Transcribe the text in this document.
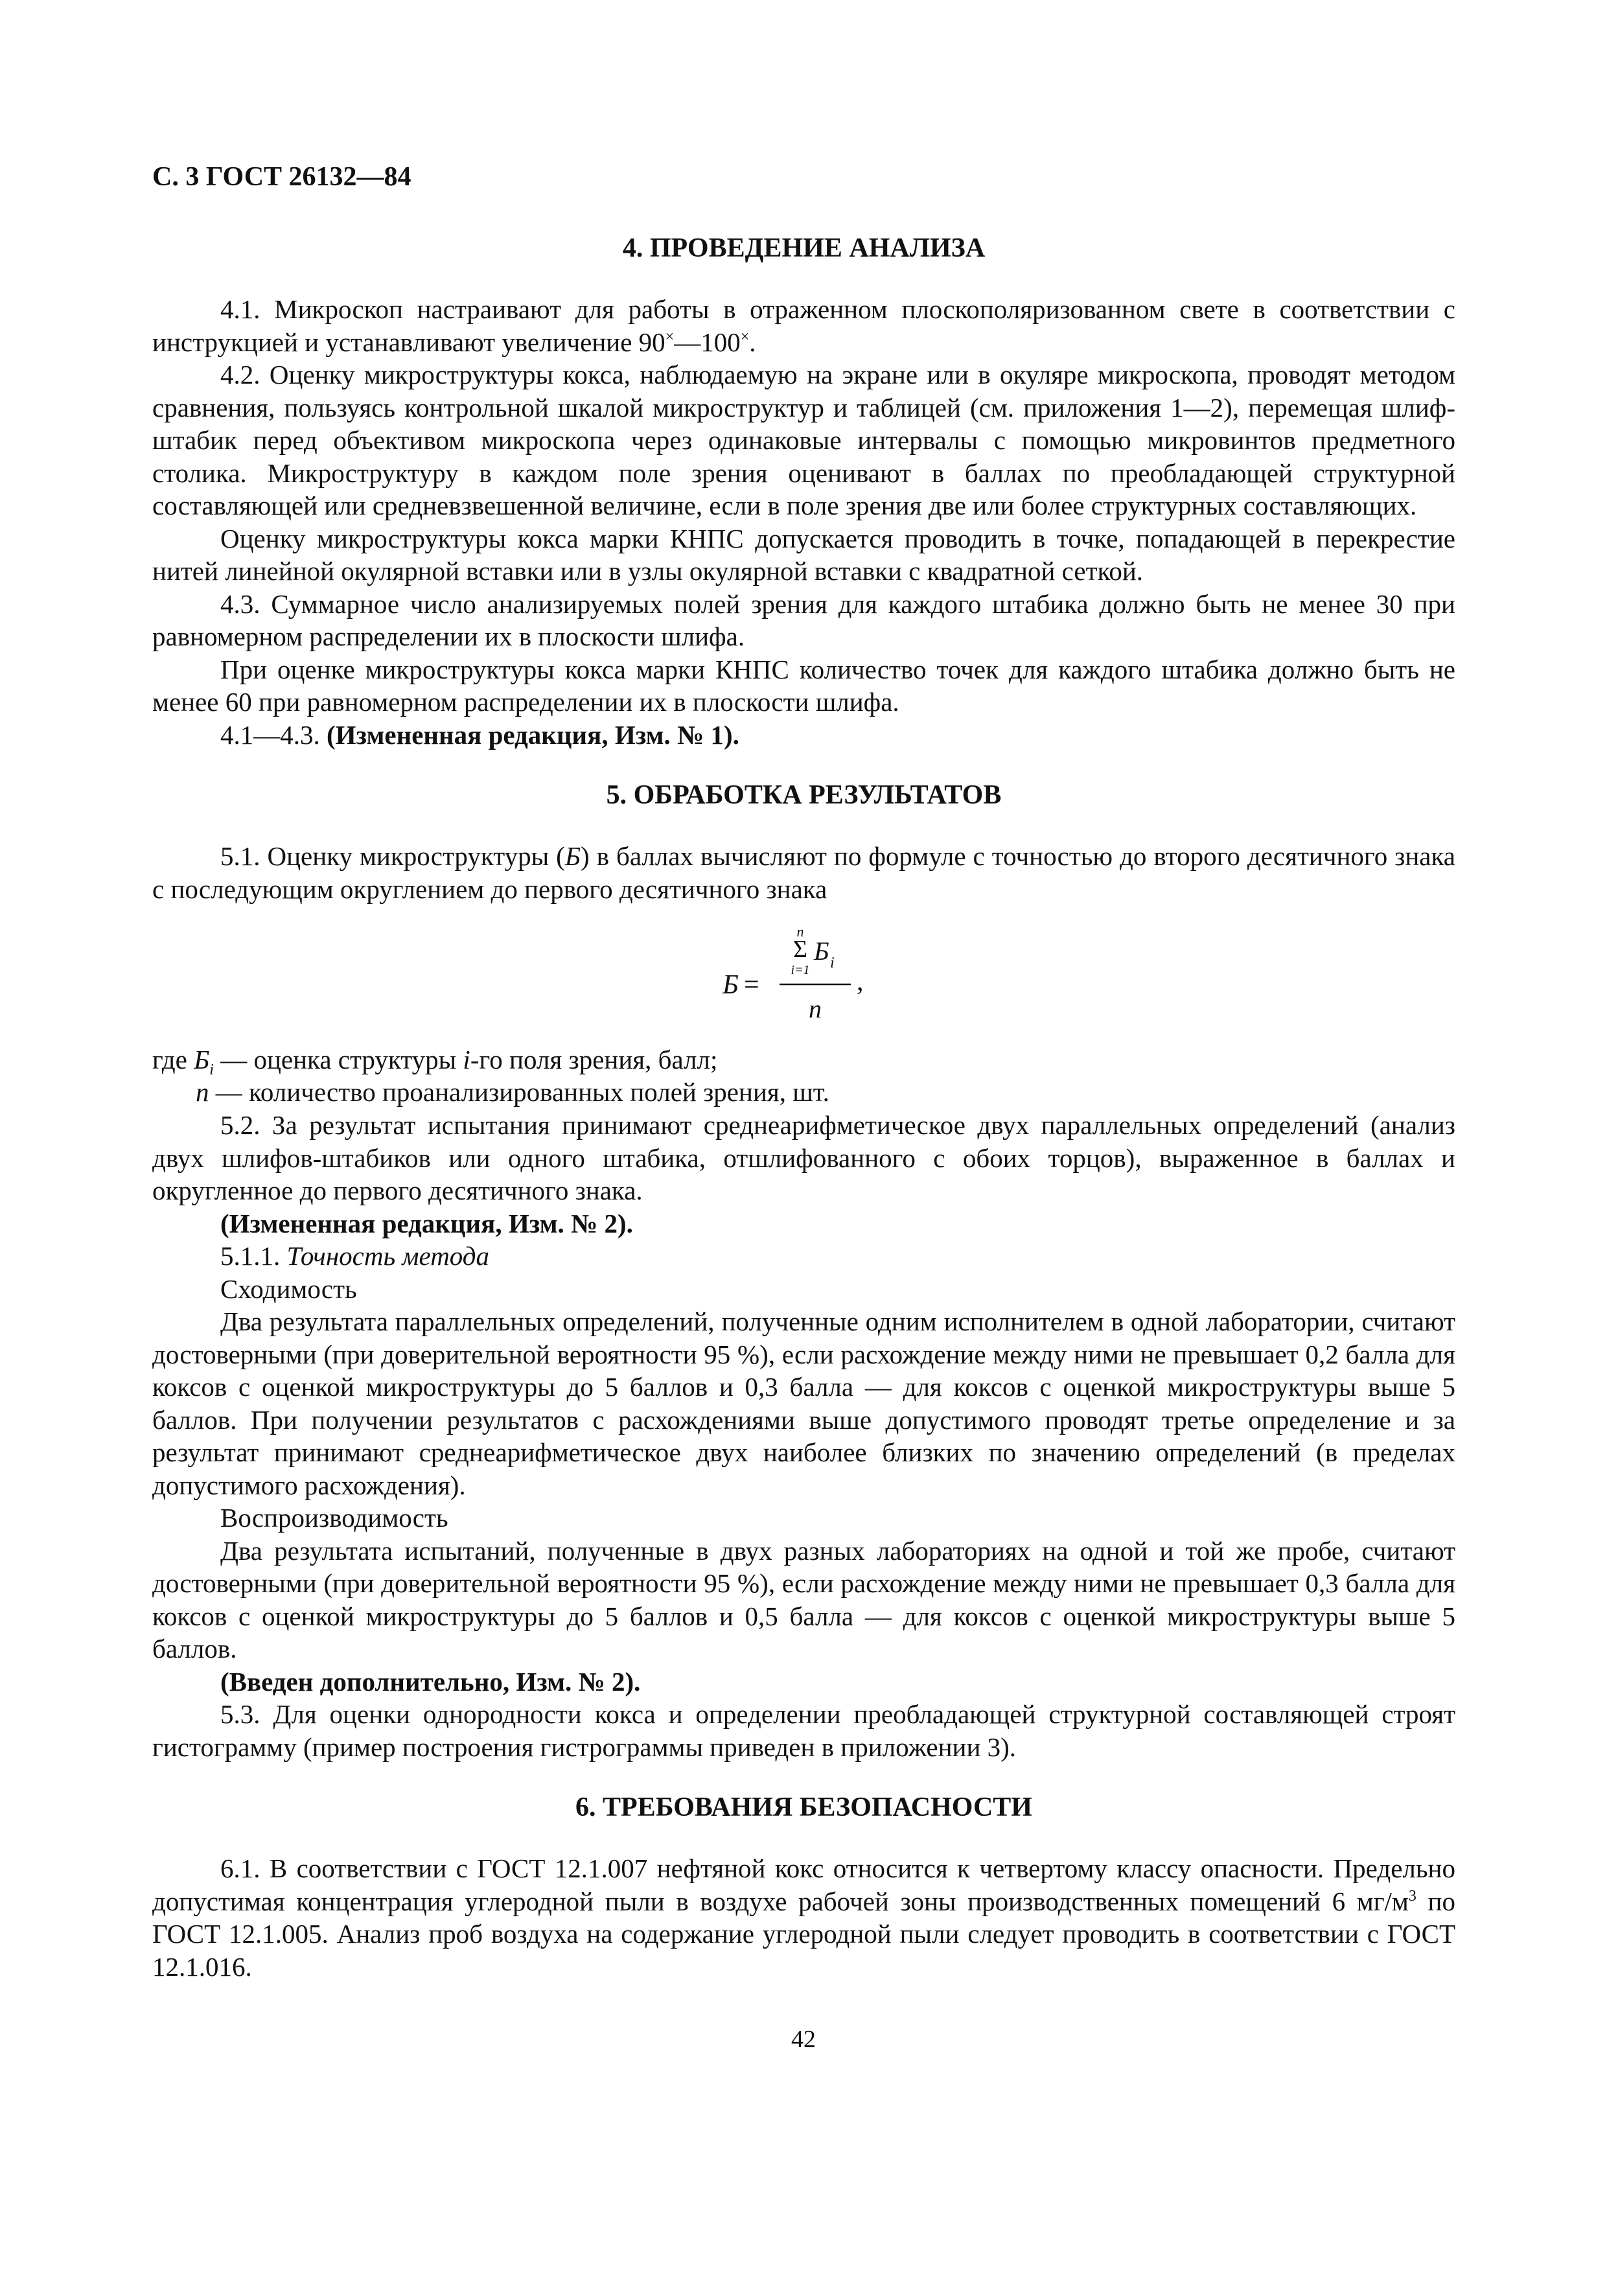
С. 3 ГОСТ 26132—84
4. ПРОВЕДЕНИЕ АНАЛИЗА

4.1. Микроскоп настраивают для работы в отраженном плоскополяризованном свете в соответствии с инструкцией и устанавливают увеличение 90×—100×.

4.2. Оценку микроструктуры кокса, наблюдаемую на экране или в окуляре микроскопа, проводят методом сравнения, пользуясь контрольной шкалой микроструктур и таблицей (см. приложения 1—2), перемещая шлиф-штабик перед объективом микроскопа через одинаковые интервалы с помощью микровинтов предметного столика. Микроструктуру в каждом поле зрения оценивают в баллах по преобладающей структурной составляющей или средневзвешенной величине, если в поле зрения две или более структурных составляющих.

Оценку микроструктуры кокса марки КНПС допускается проводить в точке, попадающей в перекрестие нитей линейной окулярной вставки или в узлы окулярной вставки с квадратной сеткой.

4.3. Суммарное число анализируемых полей зрения для каждого штабика должно быть не менее 30 при равномерном распределении их в плоскости шлифа.

При оценке микроструктуры кокса марки КНПС количество точек для каждого штабика должно быть не менее 60 при равномерном распределении их в плоскости шлифа.

4.1—4.3. (Измененная редакция, Изм. № 1).

5. ОБРАБОТКА РЕЗУЛЬТАТОВ

5.1. Оценку микроструктуры (Б) в баллах вычисляют по формуле с точностью до второго десятичного знака с последующим округлением до первого десятичного знака

Б =
n
Σ
i=1
Б i
n
,
где $Б_i$ — оценка структуры i-го поля зрения, балл;
n — количество проанализированных полей зрения, шт.

5.2. За результат испытания принимают среднеарифметическое двух параллельных определений (анализ двух шлифов-штабиков или одного штабика, отшлифованного с обоих торцов), выраженное в баллах и округленное до первого десятичного знака.

(Измененная редакция, Изм. № 2).

5.1.1. Точность метода

Сходимость

Два результата параллельных определений, полученные одним исполнителем в одной лаборатории, считают достоверными (при доверительной вероятности 95 %), если расхождение между ними не превышает 0,2 балла для коксов с оценкой микроструктуры до 5 баллов и 0,3 балла — для коксов с оценкой микроструктуры выше 5 баллов. При получении результатов с расхождениями выше допустимого проводят третье определение и за результат принимают среднеарифметическое двух наиболее близких по значению определений (в пределах допустимого расхождения).

Воспроизводимость

Два результата испытаний, полученные в двух разных лабораториях на одной и той же пробе, считают достоверными (при доверительной вероятности 95 %), если расхождение между ними не превышает 0,3 балла для коксов с оценкой микроструктуры до 5 баллов и 0,5 балла — для коксов с оценкой микроструктуры выше 5 баллов.

(Введен дополнительно, Изм. № 2).

5.3. Для оценки однородности кокса и определении преобладающей структурной составляющей строят гистограмму (пример построения гистрограммы приведен в приложении 3).

6. ТРЕБОВАНИЯ БЕЗОПАСНОСТИ

6.1. В соответствии с ГОСТ 12.1.007 нефтяной кокс относится к четвертому классу опасности. Предельно допустимая концентрация углеродной пыли в воздухе рабочей зоны производственных помещений 6 $мг/м^3$ по ГОСТ 12.1.005. Анализ проб воздуха на содержание углеродной пыли следует проводить в соответствии с ГОСТ 12.1.016.

42
